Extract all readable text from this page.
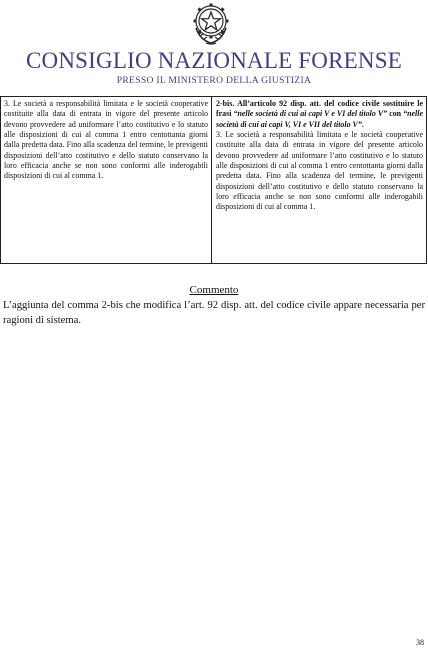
CONSIGLIO NAZIONALE FORENSE
PRESSO IL MINISTERO DELLA GIUSTIZIA

3. Le società a responsabilità limitata e le società cooperative costituite alla data di entrata in vigore del presente articolo devono provvedere ad uniformare l’atto costitutivo e lo statuto alle disposizioni di cui al comma 1 entro centottanta giorni dalla predetta data. Fino alla scadenza del termine, le previgenti disposizioni dell’atto costitutivo e dello statuto conservano la loro efficacia anche se non sono conformi alle inderogabili disposizioni di cui al comma 1.

2-bis. All’articolo 92 disp. att. del codice civile sostituire le frasi “nelle società di cui ai capi V e VI del titolo V” con “nelle società di cui ai capi V, VI e VII del titolo V”.

3. Le società a responsabilità limitata e le società cooperative costituite alla data di entrata in vigore del presente articolo devono provvedere ad uniformare l’atto costitutivo e lo statuto alle disposizioni di cui al comma 1 entro centottanta giorni dalla predetta data. Fino alla scadenza del termine, le previgenti disposizioni dell’atto costitutivo e dello statuto conservano la loro efficacia anche se non sono conformi alle inderogabili disposizioni di cui al comma 1.

Commento
L’aggiunta del comma 2-bis che modifica l’art. 92 disp. att. del codice civile appare necessaria per ragioni di sistema.
38
